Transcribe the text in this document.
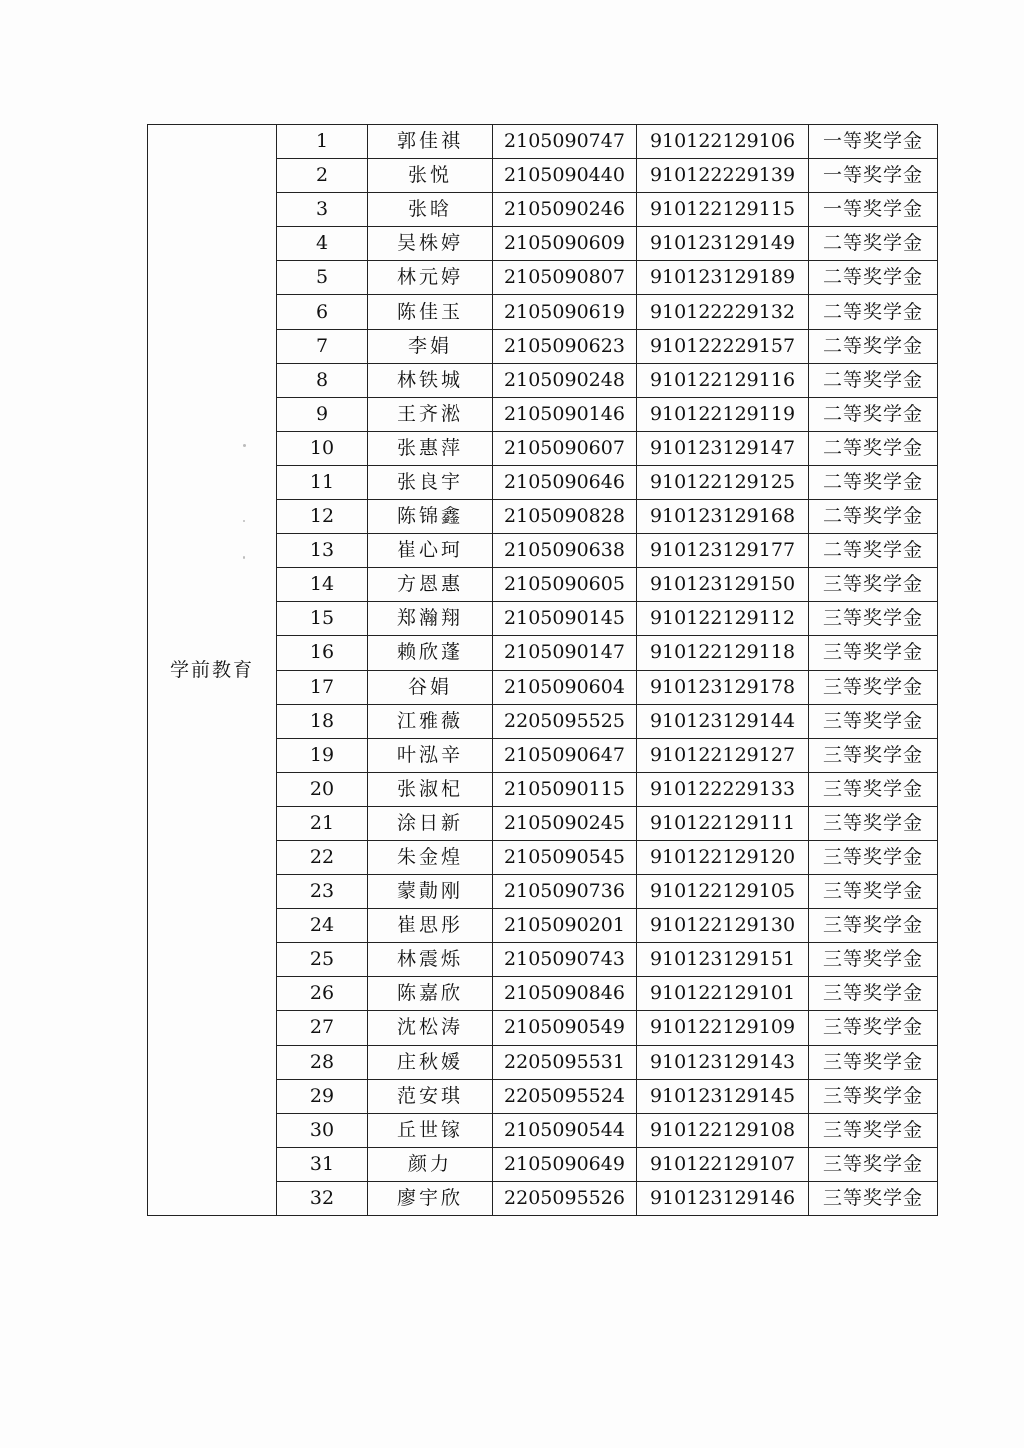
学前教育	1	郭佳祺	2105090747	910122129106	一等奖学金
	2	张悦	2105090440	910122229139	一等奖学金
	3	张晗	2105090246	910122129115	一等奖学金
	4	吴株婷	2105090609	910123129149	二等奖学金
	5	林元婷	2105090807	910123129189	二等奖学金
	6	陈佳玉	2105090619	910122229132	二等奖学金
	7	李娟	2105090623	910122229157	二等奖学金
	8	林铁城	2105090248	910122129116	二等奖学金
	9	王齐淞	2105090146	910122129119	二等奖学金
	10	张惠萍	2105090607	910123129147	二等奖学金
	11	张良宇	2105090646	910122129125	二等奖学金
	12	陈锦鑫	2105090828	910123129168	二等奖学金
	13	崔心珂	2105090638	910123129177	二等奖学金
	14	方恩惠	2105090605	910123129150	三等奖学金
	15	郑瀚翔	2105090145	910122129112	三等奖学金
	16	赖欣蓬	2105090147	910122129118	三等奖学金
	17	谷娟	2105090604	910123129178	三等奖学金
	18	江雅薇	2205095525	910123129144	三等奖学金
	19	叶泓辛	2105090647	910122129127	三等奖学金
	20	张淑杞	2105090115	910122229133	三等奖学金
	21	涂日新	2105090245	910122129111	三等奖学金
	22	朱金煌	2105090545	910122129120	三等奖学金
	23	蒙勣刚	2105090736	910122129105	三等奖学金
	24	崔思彤	2105090201	910122129130	三等奖学金
	25	林震烁	2105090743	910123129151	三等奖学金
	26	陈嘉欣	2105090846	910122129101	三等奖学金
	27	沈松涛	2105090549	910122129109	三等奖学金
	28	庄秋媛	2205095531	910123129143	三等奖学金
	29	范安琪	2205095524	910123129145	三等奖学金
	30	丘世镓	2105090544	910122129108	三等奖学金
	31	颜力	2105090649	910122129107	三等奖学金
	32	廖宇欣	2205095526	910123129146	三等奖学金
